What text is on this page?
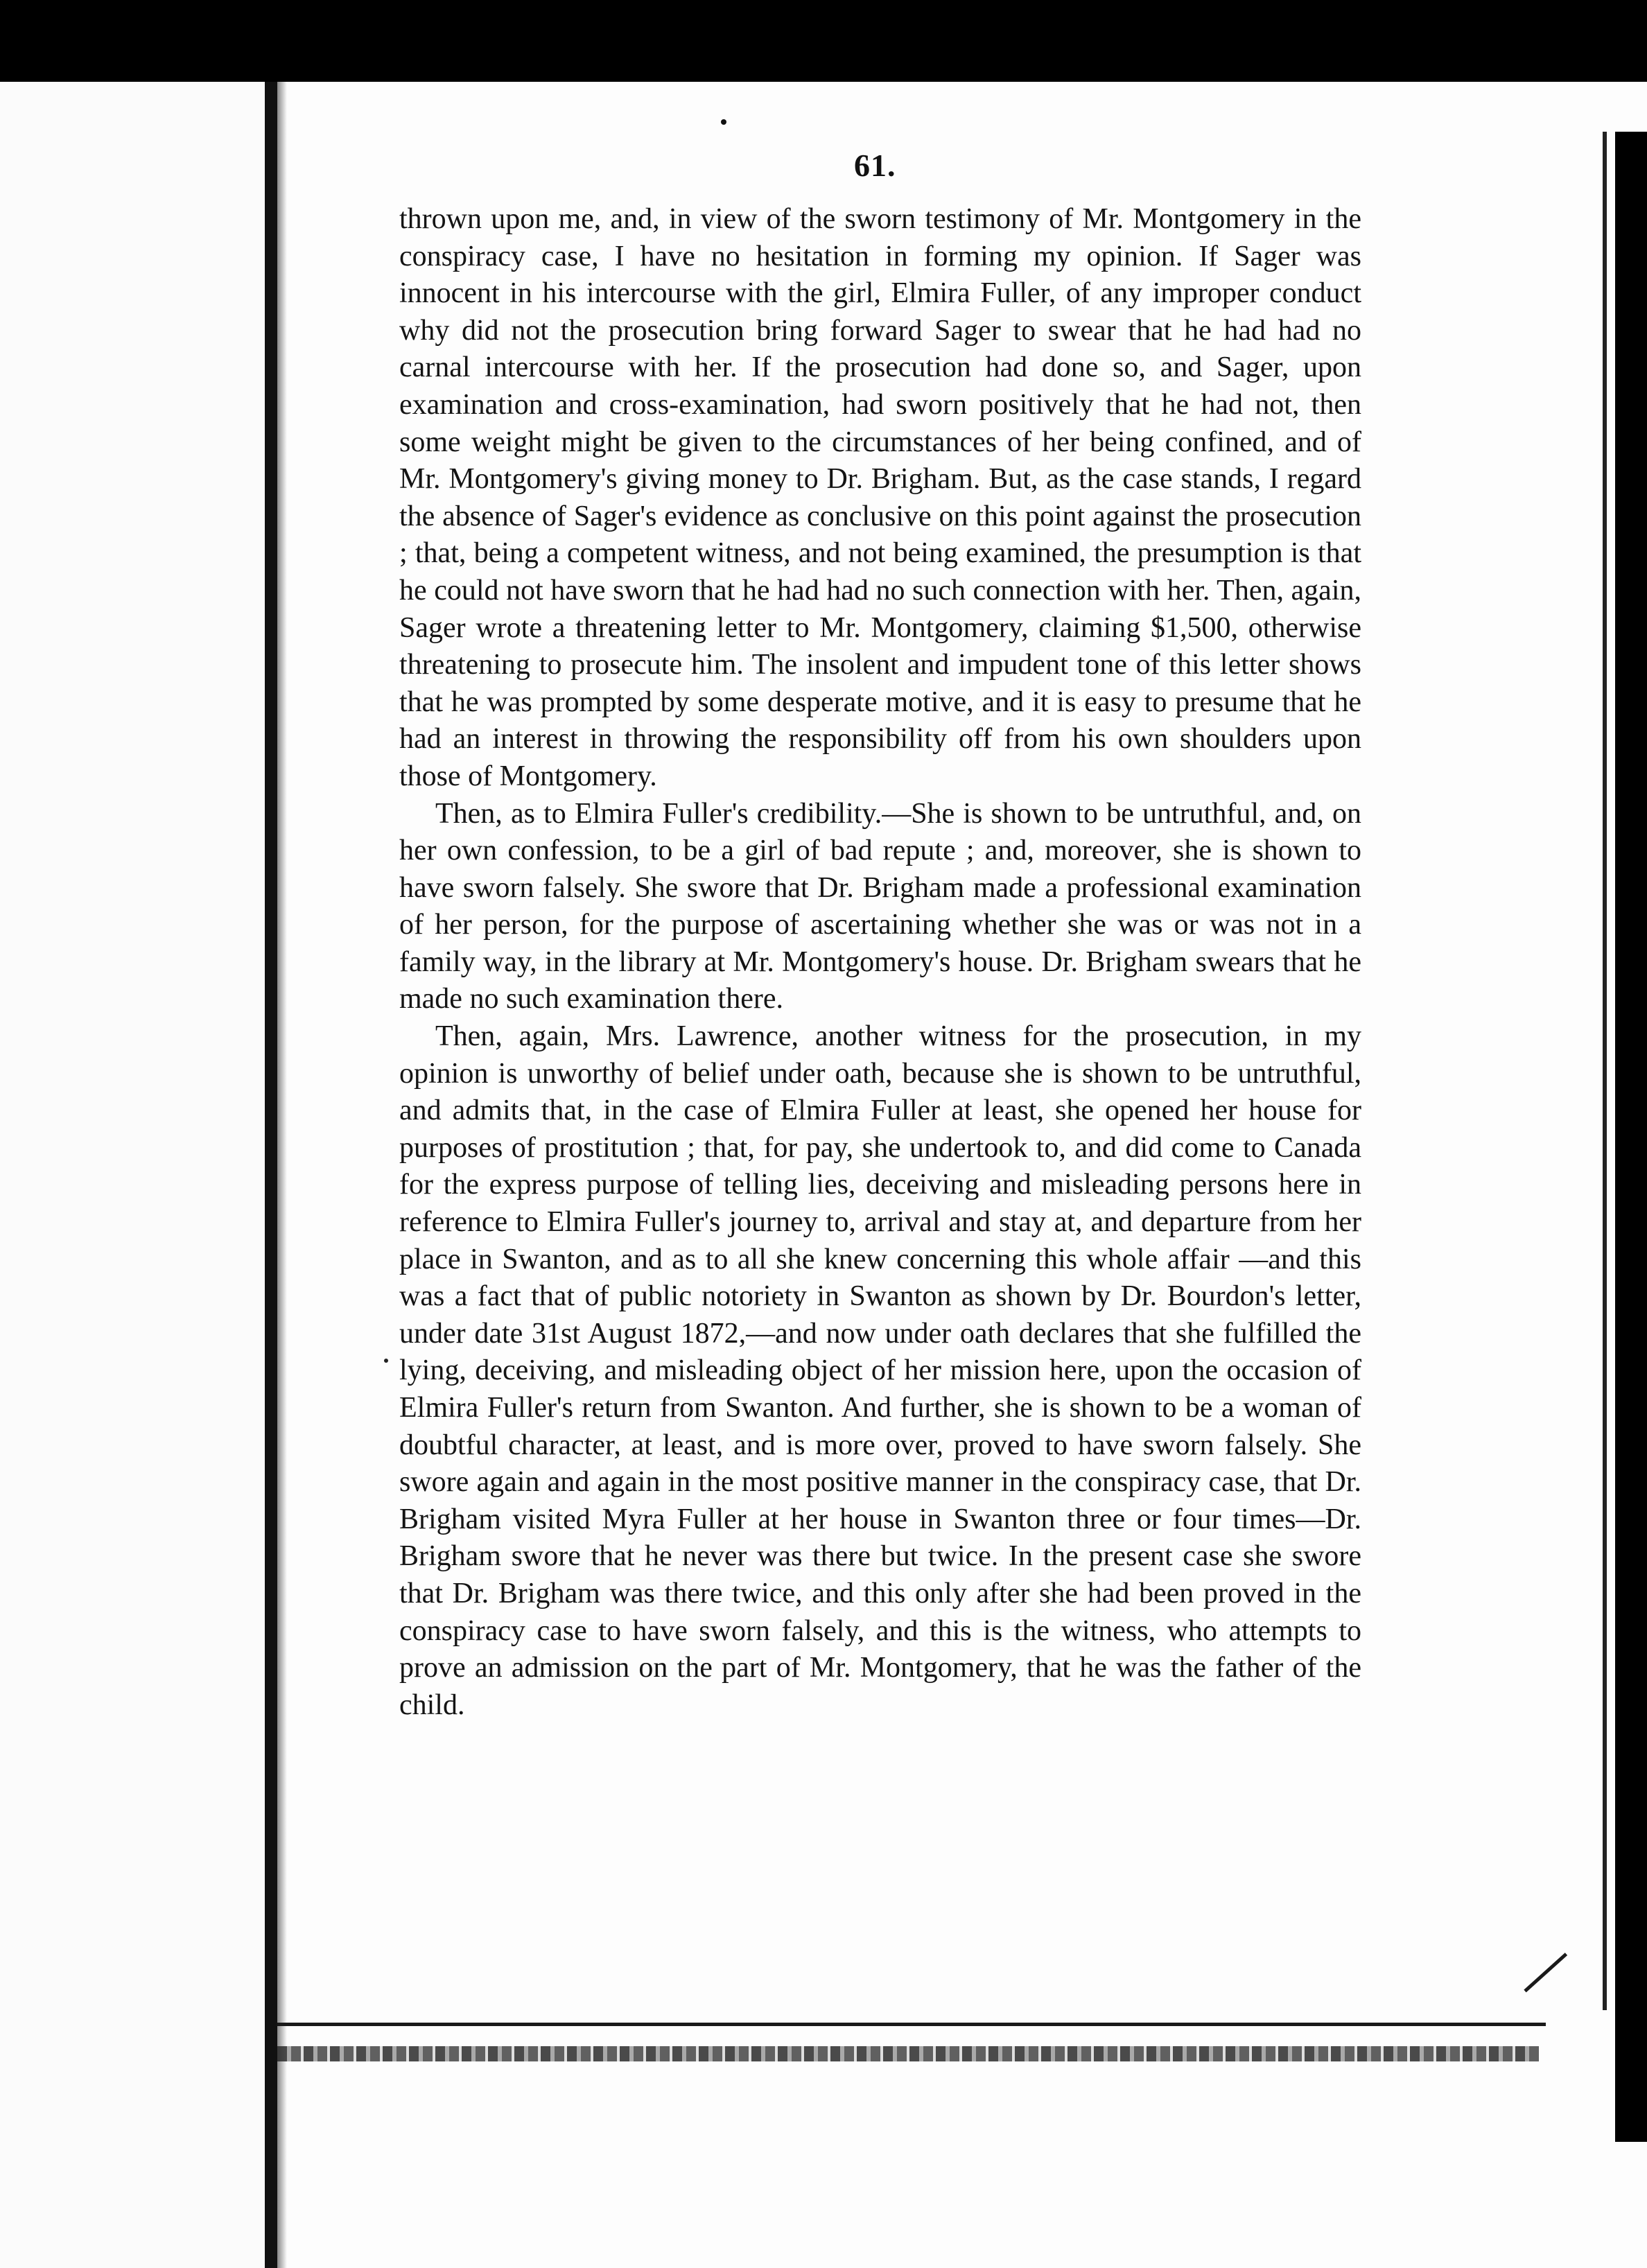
61.

thrown upon me, and, in view of the sworn testimony of Mr. Montgomery in the conspiracy case, I have no hesitation in forming my opinion. If Sager was innocent in his intercourse with the girl, Elmira Fuller, of any improper conduct why did not the prosecution bring forward Sager to swear that he had had no carnal intercourse with her. If the prosecution had done so, and Sager, upon examination and cross-examination, had sworn positively that he had not, then some weight might be given to the circumstances of her being confined, and of Mr. Montgomery's giving money to Dr. Brigham. But, as the case stands, I regard the absence of Sager's evidence as conclusive on this point against the prosecution ; that, being a competent witness, and not being examined, the presumption is that he could not have sworn that he had had no such connection with her. Then, again, Sager wrote a threatening letter to Mr. Montgomery, claiming $1,500, otherwise threatening to prosecute him. The insolent and impudent tone of this letter shows that he was prompted by some desperate motive, and it is easy to presume that he had an interest in throwing the responsibility off from his own shoulders upon those of Montgomery.

Then, as to Elmira Fuller's credibility.—She is shown to be untruthful, and, on her own confession, to be a girl of bad repute ; and, moreover, she is shown to have sworn falsely. She swore that Dr. Brigham made a professional examination of her person, for the purpose of ascertaining whether she was or was not in a family way, in the library at Mr. Montgomery's house. Dr. Brigham swears that he made no such examination there.

Then, again, Mrs. Lawrence, another witness for the prosecution, in my opinion is unworthy of belief under oath, because she is shown to be untruthful, and admits that, in the case of Elmira Fuller at least, she opened her house for purposes of prostitution ; that, for pay, she undertook to, and did come to Canada for the express purpose of telling lies, deceiving and misleading persons here in reference to Elmira Fuller's journey to, arrival and stay at, and departure from her place in Swanton, and as to all she knew concerning this whole affair —and this was a fact that of public notoriety in Swanton as shown by Dr. Bourdon's letter, under date 31st August 1872,—and now under oath declares that she fulfilled the lying, deceiving, and misleading object of her mission here, upon the occasion of Elmira Fuller's return from Swanton. And further, she is shown to be a woman of doubtful character, at least, and is more over, proved to have sworn falsely. She swore again and again in the most positive manner in the conspiracy case, that Dr. Brigham visited Myra Fuller at her house in Swanton three or four times—Dr. Brigham swore that he never was there but twice. In the present case she swore that Dr. Brigham was there twice, and this only after she had been proved in the conspiracy case to have sworn falsely, and this is the witness, who attempts to prove an admission on the part of Mr. Montgomery, that he was the father of the child.
